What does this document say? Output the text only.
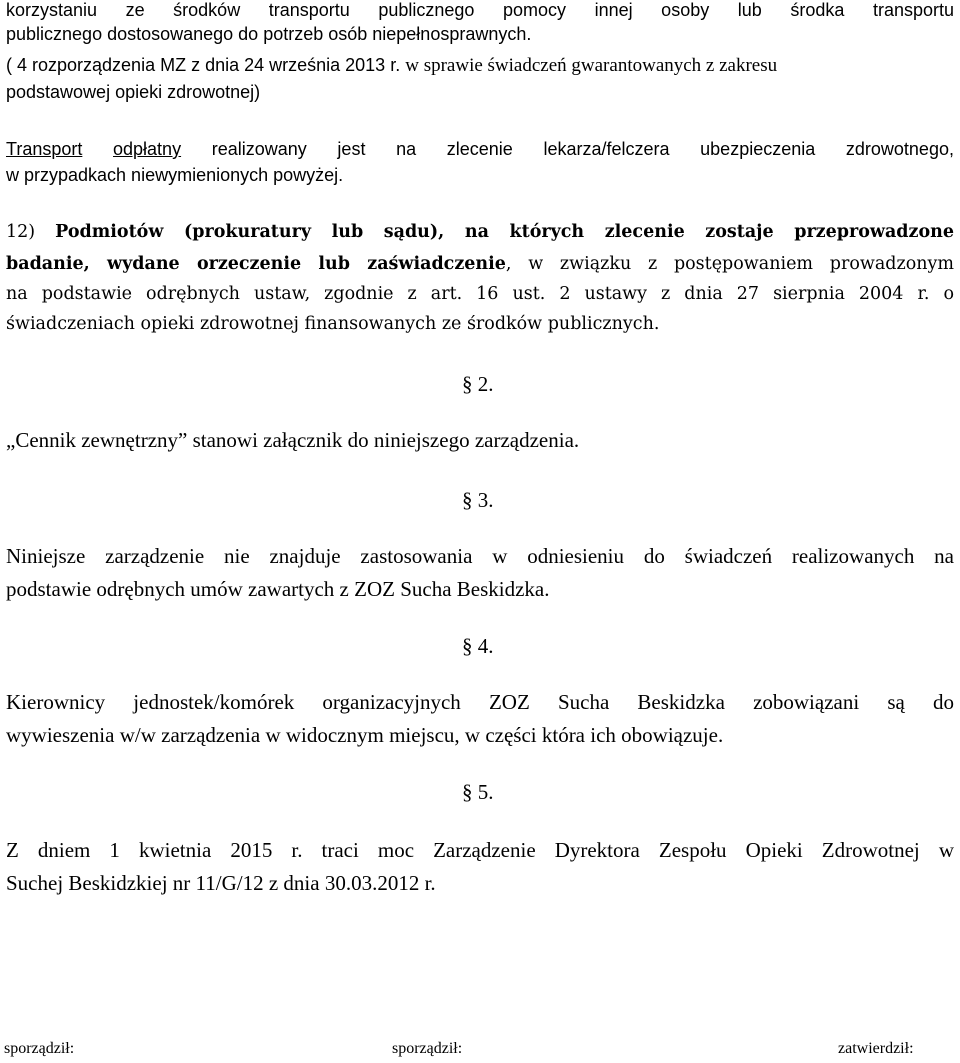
korzystaniu ze środków transportu publicznego pomocy innej osoby lub środka transportu
publicznego dostosowanego do potrzeb osób niepełnosprawnych.
( 4 rozporządzenia MZ z dnia 24 września 2013 r. w sprawie świadczeń gwarantowanych z zakresu
podstawowej opieki zdrowotnej)
Transport odpłatny realizowany jest na zlecenie lekarza/felczera ubezpieczenia zdrowotnego,
w przypadkach niewymienionych powyżej.
12) Podmiotów (prokuratury lub sądu), na których zlecenie zostaje przeprowadzone
badanie, wydane orzeczenie lub zaświadczenie, w związku z postępowaniem prowadzonym
na podstawie odrębnych ustaw, zgodnie z art. 16 ust. 2 ustawy z dnia 27 sierpnia 2004 r. o
świadczeniach opieki zdrowotnej finansowanych ze środków publicznych.
§ 2.
„Cennik zewnętrzny” stanowi załącznik do niniejszego zarządzenia.
§ 3.
Niniejsze zarządzenie nie znajduje zastosowania w odniesieniu do świadczeń realizowanych na
podstawie odrębnych umów zawartych z ZOZ Sucha Beskidzka.
§ 4.
Kierownicy jednostek/komórek organizacyjnych ZOZ Sucha Beskidzka zobowiązani są do
wywieszenia w/w zarządzenia w widocznym miejscu, w części która ich obowiązuje.
§ 5.
Z dniem 1 kwietnia 2015 r. traci moc Zarządzenie Dyrektora Zespołu Opieki Zdrowotnej w
Suchej Beskidzkiej nr 11/G/12 z dnia 30.03.2012 r.
sporządził:	sporządził:	zatwierdził:
